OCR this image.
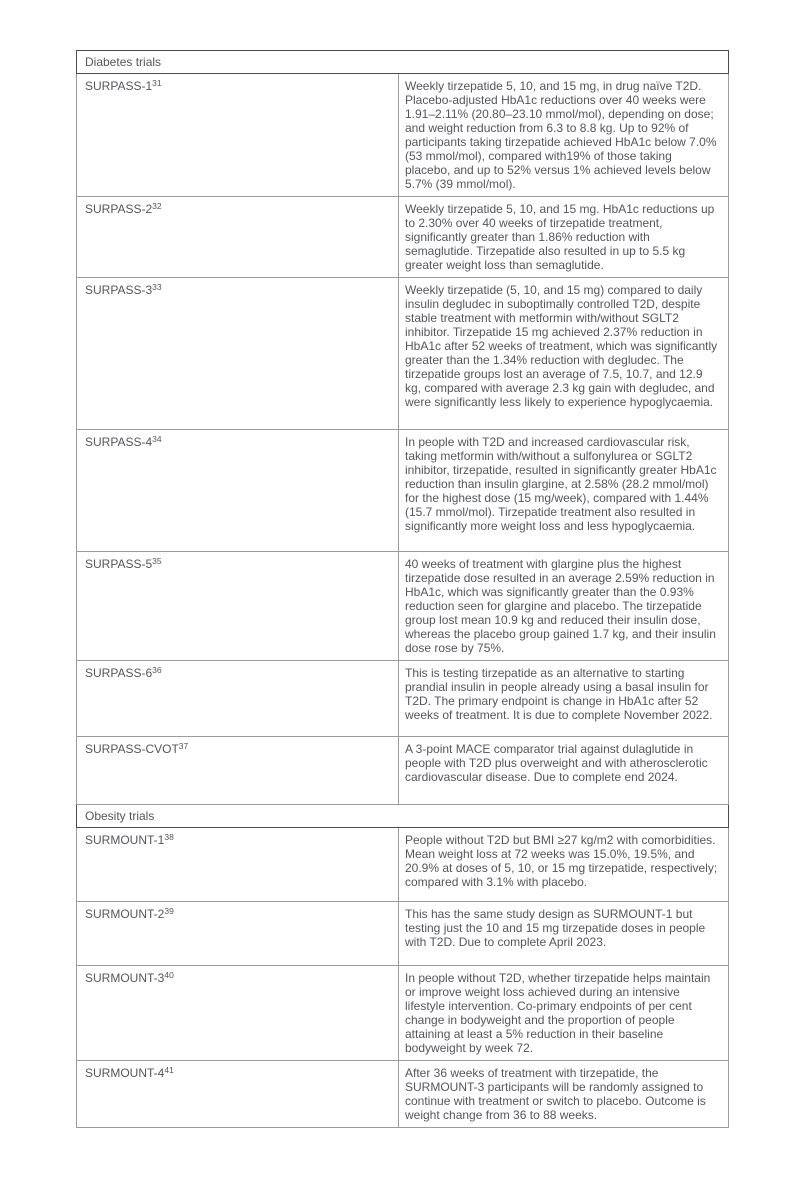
Diabetes trials	
SURPASS-$1^{31}$	Weekly tirzepatide 5, 10, and 15 mg, in drug naïve T2D. Placebo-adjusted HbA1c reductions over 40 weeks were 1.91–2.11% (20.80–23.10 mmol/mol), depending on dose; and weight reduction from 6.3 to 8.8 kg. Up to 92% of participants taking tirzepatide achieved HbA1c below 7.0% (53 mmol/mol), compared with19% of those taking placebo, and up to 52% versus 1% achieved levels below 5.7% (39 mmol/mol).
SURPASS-$2^{32}$	Weekly tirzepatide 5, 10, and 15 mg. HbA1c reductions up to 2.30% over 40 weeks of tirzepatide treatment, significantly greater than 1.86% reduction with semaglutide. Tirzepatide also resulted in up to 5.5 kg greater weight loss than semaglutide.
SURPASS-$3^{33}$	Weekly tirzepatide (5, 10, and 15 mg) compared to daily insulin degludec in suboptimally controlled T2D, despite stable treatment with metformin with/without SGLT2 inhibitor. Tirzepatide 15 mg achieved 2.37% reduction in HbA1c after 52 weeks of treatment, which was significantly greater than the 1.34% reduction with degludec. The tirzepatide groups lost an average of 7.5, 10.7, and 12.9 kg, compared with average 2.3 kg gain with degludec, and were significantly less likely to experience hypoglycaemia.
SURPASS-$4^{34}$	In people with T2D and increased cardiovascular risk, taking metformin with/without a sulfonylurea or SGLT2 inhibitor, tirzepatide, resulted in significantly greater HbA1c reduction than insulin glargine, at 2.58% (28.2 mmol/mol) for the highest dose (15 mg/week), compared with 1.44% (15.7 mmol/mol). Tirzepatide treatment also resulted in significantly more weight loss and less hypoglycaemia.
SURPASS-$5^{35}$	40 weeks of treatment with glargine plus the highest tirzepatide dose resulted in an average 2.59% reduction in HbA1c, which was significantly greater than the 0.93% reduction seen for glargine and placebo. The tirzepatide group lost mean 10.9 kg and reduced their insulin dose, whereas the placebo group gained 1.7 kg, and their insulin dose rose by 75%.
SURPASS-$6^{36}$	This is testing tirzepatide as an alternative to starting prandial insulin in people already using a basal insulin for T2D. The primary endpoint is change in HbA1c after 52 weeks of treatment. It is due to complete November 2022.
SURPASS-CVOT$^{37}$	A 3-point MACE comparator trial against dulaglutide in people with T2D plus overweight and with atherosclerotic cardiovascular disease. Due to complete end 2024.
Obesity trials	
SURMOUNT-$1^{38}$	People without T2D but BMI ≥27 kg/m2 with comorbidities. Mean weight loss at 72 weeks was 15.0%, 19.5%, and 20.9% at doses of 5, 10, or 15 mg tirzepatide, respectively; compared with 3.1% with placebo.
SURMOUNT-$2^{39}$	This has the same study design as SURMOUNT-1 but testing just the 10 and 15 mg tirzepatide doses in people with T2D. Due to complete April 2023.
SURMOUNT-$3^{40}$	In people without T2D, whether tirzepatide helps maintain or improve weight loss achieved during an intensive lifestyle intervention. Co-primary endpoints of per cent change in bodyweight and the proportion of people attaining at least a 5% reduction in their baseline bodyweight by week 72.
SURMOUNT-$4^{41}$	After 36 weeks of treatment with tirzepatide, the SURMOUNT-3 participants will be randomly assigned to continue with treatment or switch to placebo. Outcome is weight change from 36 to 88 weeks.
